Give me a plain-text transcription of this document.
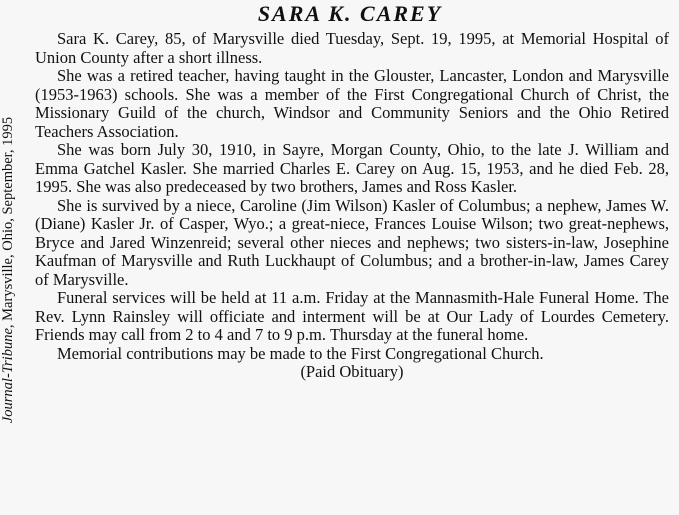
SARA K. CAREY
Journal-Tribune, Marysville, Ohio, September, 1995

Sara K. Carey, 85, of Marysville died Tuesday, Sept. 19, 1995, at Memorial Hospital of Union County after a short illness.

She was a retired teacher, having taught in the Glouster, Lancaster, London and Marysville (1953-1963) schools. She was a member of the First Congregational Church of Christ, the Missionary Guild of the church, Windsor and Community Seniors and the Ohio Retired Teachers Association.

She was born July 30, 1910, in Sayre, Morgan County, Ohio, to the late J. William and Emma Gatchel Kasler. She married Charles E. Carey on Aug. 15, 1953, and he died Feb. 28, 1995. She was also predeceased by two brothers, James and Ross Kasler.

She is survived by a niece, Caroline (Jim Wilson) Kasler of Columbus; a nephew, James W. (Diane) Kasler Jr. of Casper, Wyo.; a great-niece, Frances Louise Wilson; two great-nephews, Bryce and Jared Winzenreid; several other nieces and nephews; two sisters-in-law, Josephine Kaufman of Marysville and Ruth Luckhaupt of Columbus; and a brother-in-law, James Carey of Marysville.

Funeral services will be held at 11 a.m. Friday at the Mannasmith-Hale Funeral Home. The Rev. Lynn Rainsley will officiate and interment will be at Our Lady of Lourdes Cemetery. Friends may call from 2 to 4 and 7 to 9 p.m. Thursday at the funeral home.

Memorial contributions may be made to the First Congregational Church.

(Paid Obituary)
